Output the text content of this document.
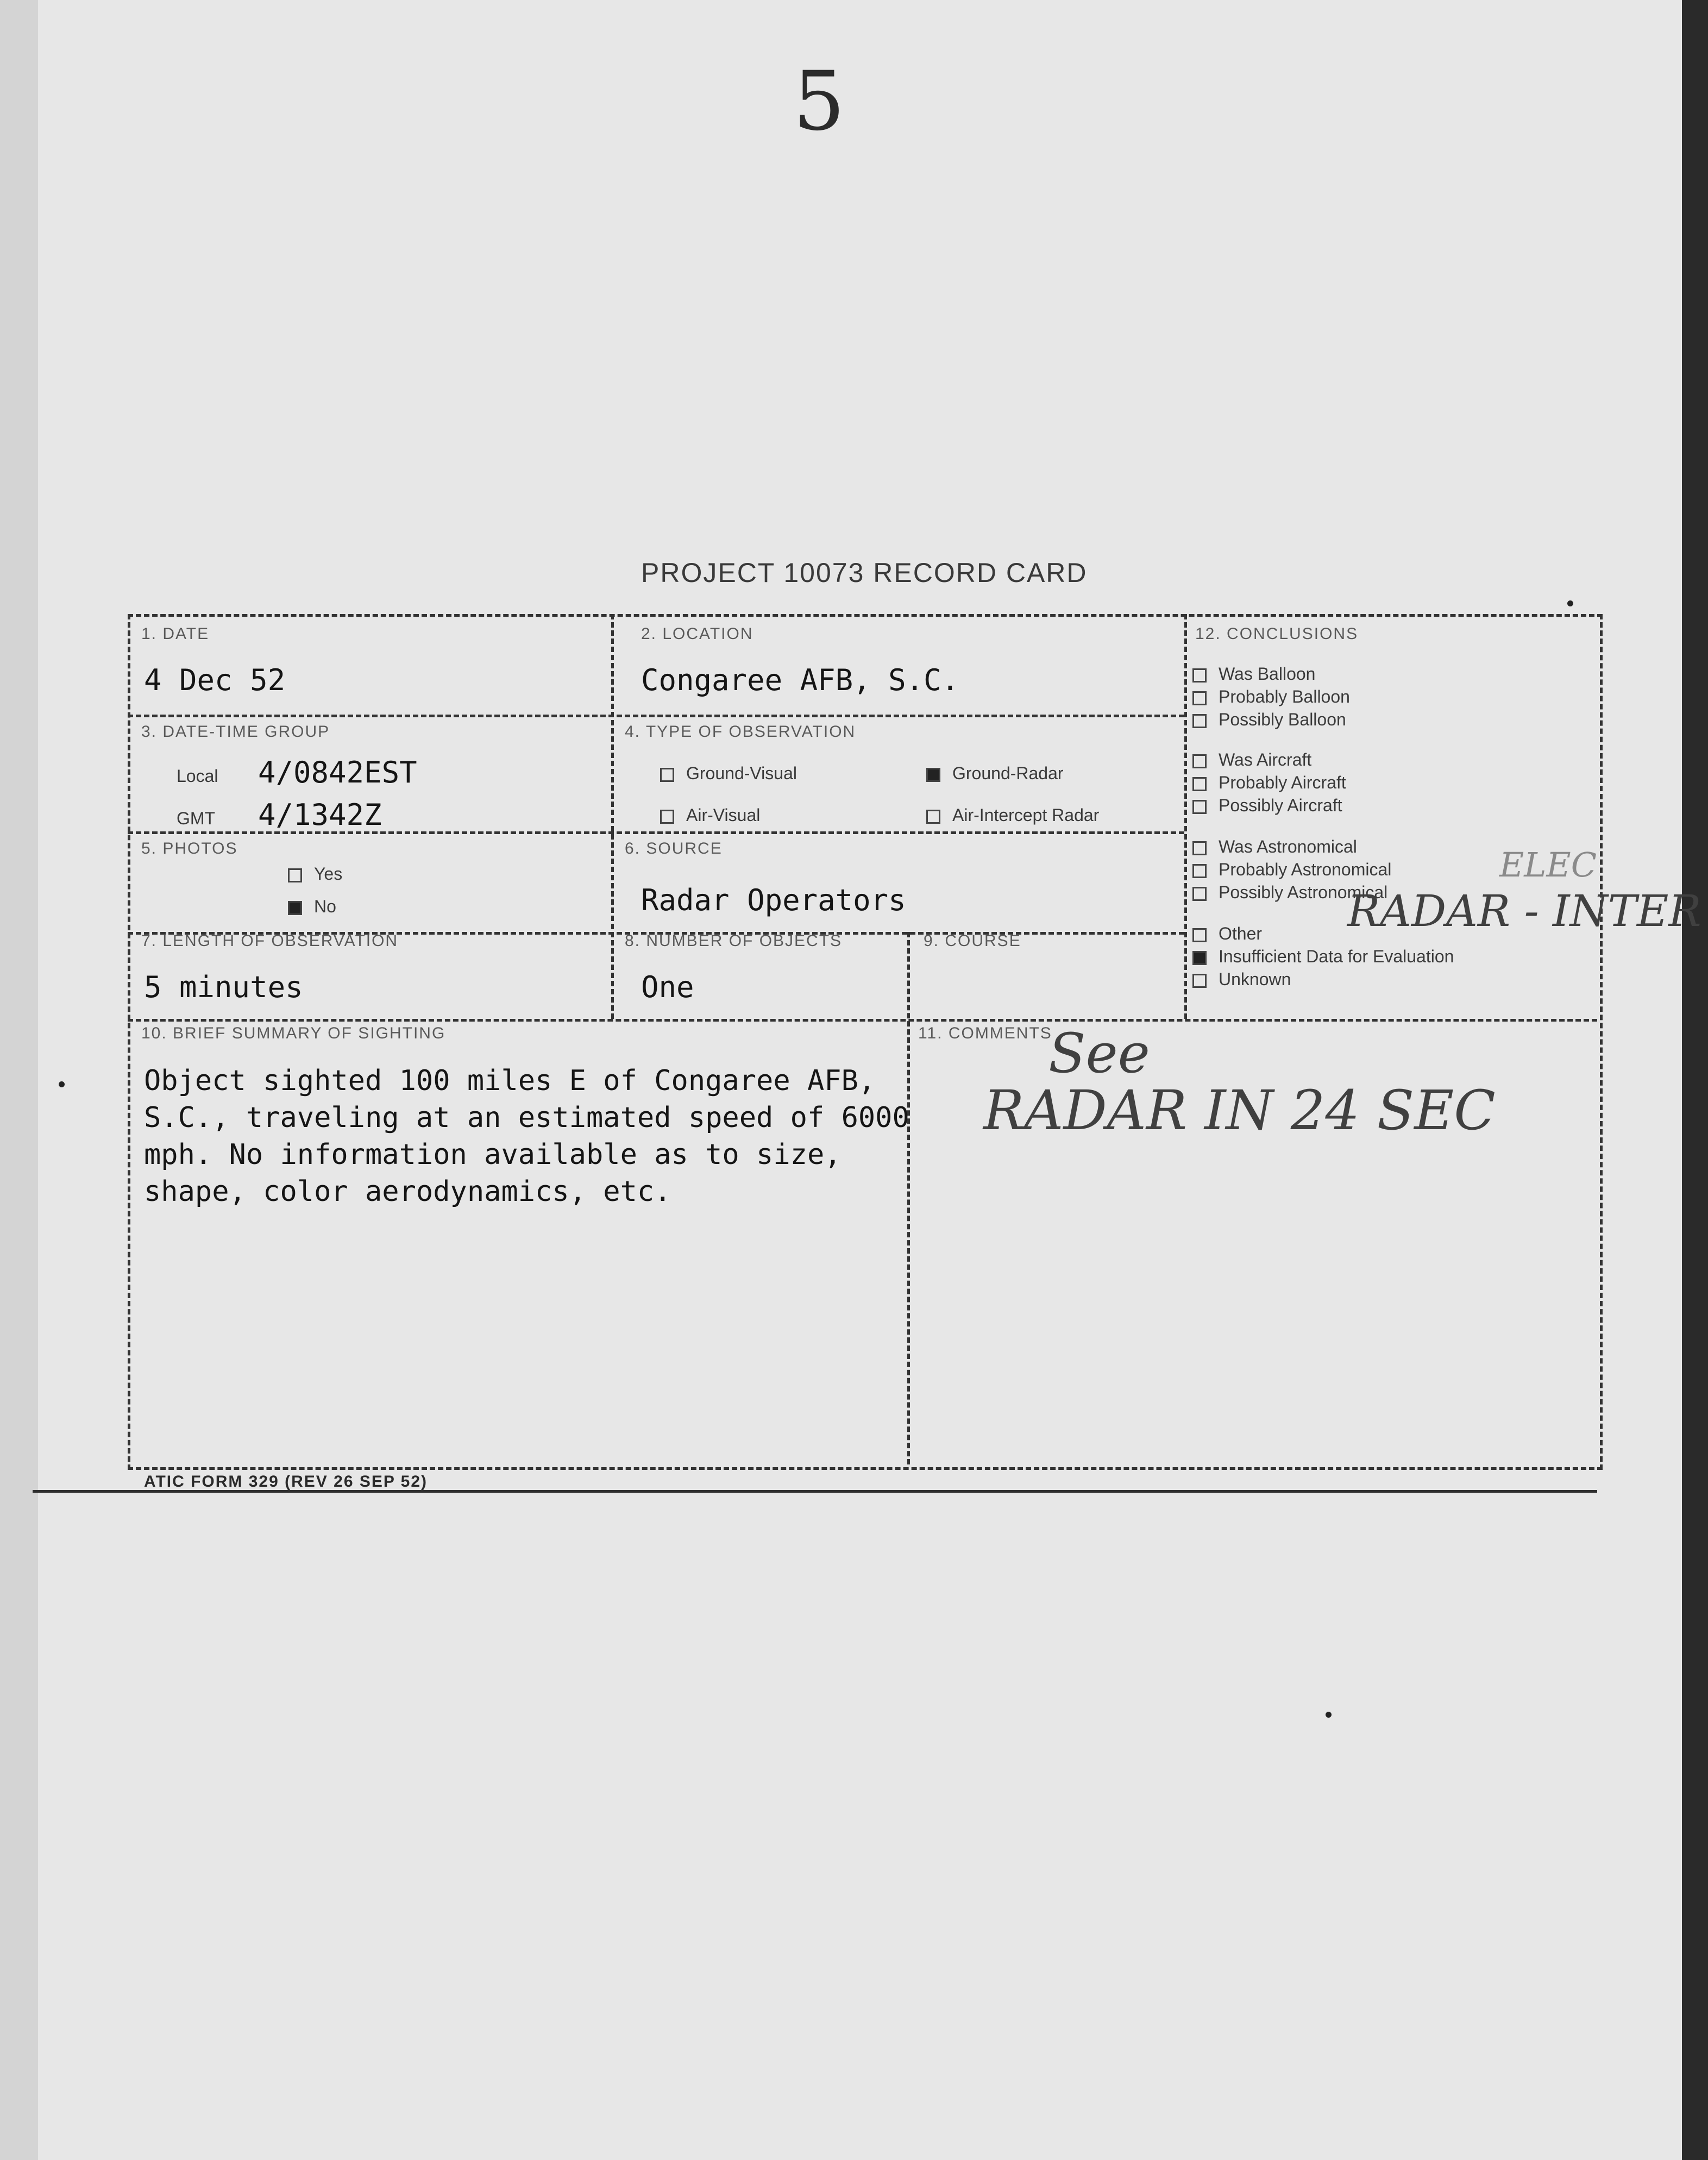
5
PROJECT 10073 RECORD CARD
1. DATE
4 Dec 52
2. LOCATION
Congaree AFB, S.C.
3. DATE-TIME GROUP
Local 4/0842EST
GMT 4/1342Z
4. TYPE OF OBSERVATION
Ground-Visual	Ground-Radar
Air-Visual	Air-Intercept Radar
5. PHOTOS
Yes
No
6. SOURCE
Radar Operators
7. LENGTH OF OBSERVATION
5 minutes
8. NUMBER OF OBJECTS
One
9. COURSE
12. CONCLUSIONS
Was Balloon
Probably Balloon
Possibly Balloon
Was Aircraft
Probably Aircraft
Possibly Aircraft
Was Astronomical
Probably Astronomical
Possibly Astronomical
Other
Insufficient Data for Evaluation
Unknown
RADAR - INTER
ELEC
10. BRIEF SUMMARY OF SIGHTING
Object sighted 100 miles E of Congaree AFB,
S.C., traveling at an estimated speed of 6000
mph. No information available as to size,
shape, color aerodynamics, etc.
11. COMMENTS
See
RADAR IN 24 SEC
ATIC FORM 329 (REV 26 SEP 52)
